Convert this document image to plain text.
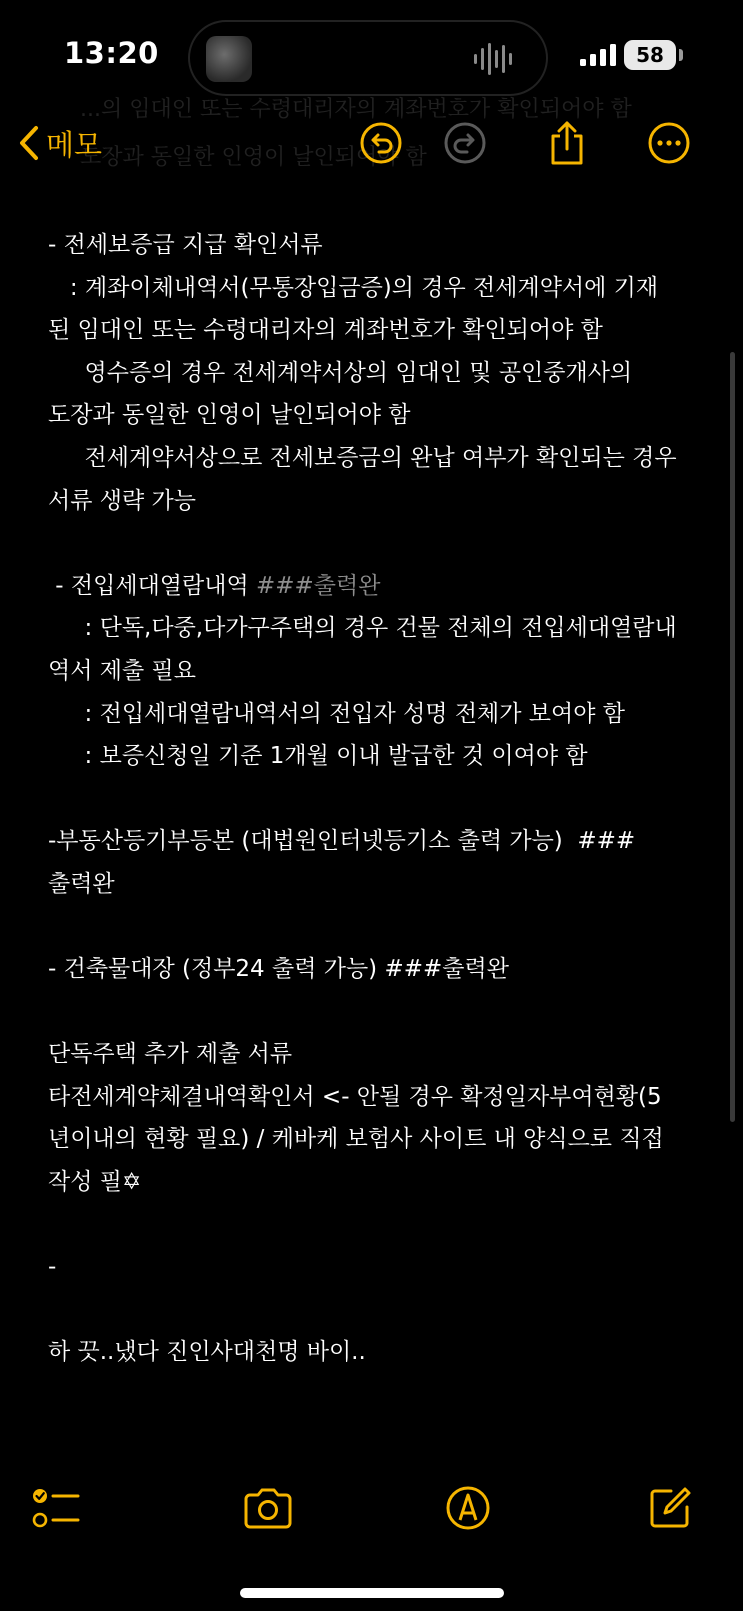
13:20	58
...의 임대인 또는 수령대리자의 계좌번호가 확인되어야 함
도장과 동일한 인영이 날인되어야 함
메모
- 전세보증급 지급 확인서류
: 계좌이체내역서(무통장입금증)의 경우 전세계약서에 기재
된 임대인 또는 수령대리자의 계좌번호가 확인되어야 함
영수증의 경우 전세계약서상의 임대인 및 공인중개사의
도장과 동일한 인영이 날인되어야 함
전세계약서상으로 전세보증금의 완납 여부가 확인되는 경우
서류 생략 가능
- 전입세대열람내역 ###출력완
: 단독,다중,다가구주택의 경우 건물 전체의 전입세대열람내
역서 제출 필요
: 전입세대열람내역서의 전입자 성명 전체가 보여야 함
: 보증신청일 기준 1개월 이내 발급한 것 이여야 함
-부동산등기부등본 (대법원인터넷등기소 출력 가능)  ###
출력완
- 건축물대장 (정부24 출력 가능) ###출력완
단독주택 추가 제출 서류
타전세계약체결내역확인서 <- 안될 경우 확정일자부여현황(5
년이내의 현황 필요) / 케바케 보험사 사이트 내 양식으로 직접
작성 필✡
-
하 끗..냈다 진인사대천명 바이..
